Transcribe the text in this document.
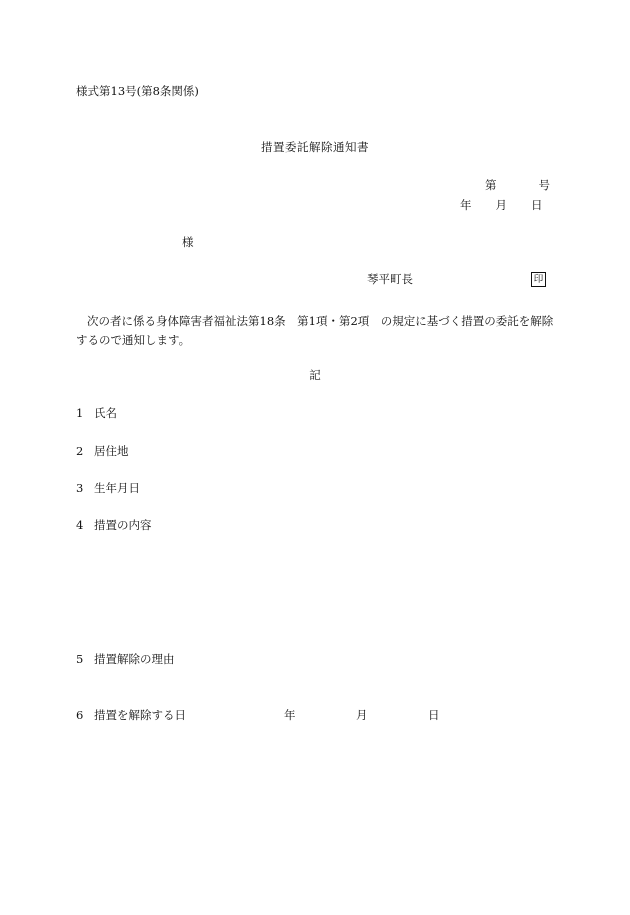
様式第13号(第8条関係)
措置委託解除通知書
第	号
年 月 日
様
琴平町長	印
次の者に係る身体障害者福祉法第18条　第1項・第2項　の規定に基づく措置の委託を解除するので通知します。
記
1 氏名
2 居住地
3 生年月日
4 措置の内容
5 措置解除の理由
6 措置を解除する日	年	月	日
